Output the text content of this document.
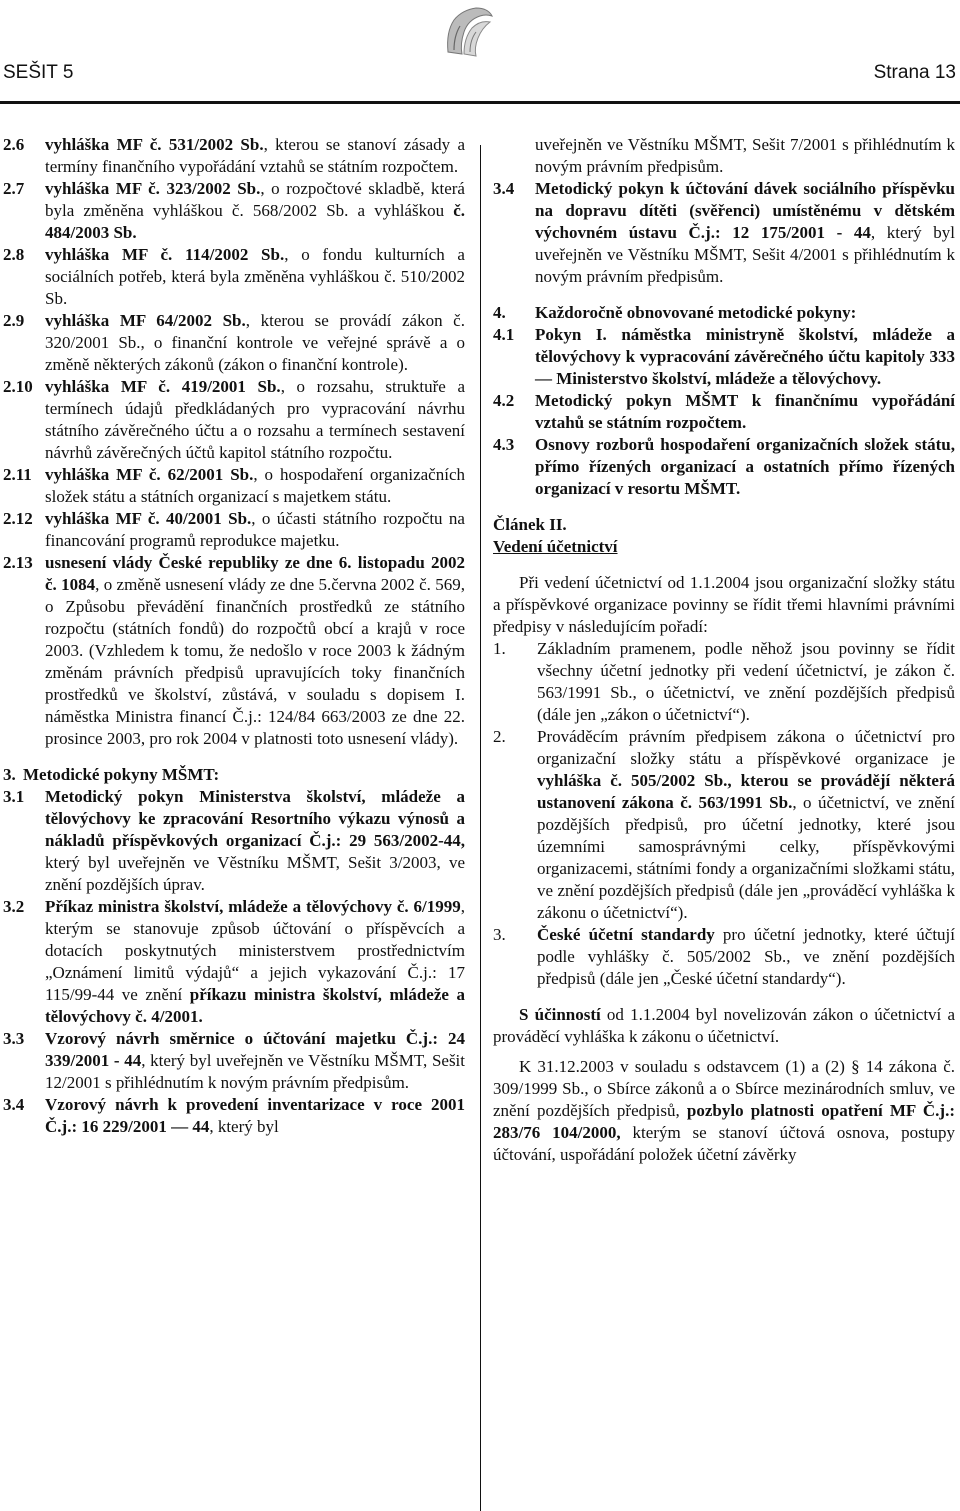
SEŠIT 5	Strana 13
2.6	vyhláška MF č. 531/2002 Sb., kterou se stanoví zásady a termíny finančního vypořádání vztahů se státním rozpočtem.
2.7	vyhláška MF č. 323/2002 Sb., o rozpočtové skladbě, která byla změněna vyhláškou č. 568/2002 Sb. a vyhláškou č. 484/2003 Sb.
2.8	vyhláška MF č. 114/2002 Sb., o fondu kulturních a sociálních potřeb, která byla změněna vyhláškou č. 510/2002 Sb.
2.9	vyhláška MF 64/2002 Sb., kterou se provádí zákon č. 320/2001 Sb., o finanční kontrole ve veřejné správě a o změně některých zákonů (zákon o finanční kontrole).
2.10 vyhláška MF č. 419/2001 Sb., o rozsahu, struktuře a termínech údajů předkládaných pro vypracování návrhu státního závěrečného účtu a o rozsahu a termínech sestavení návrhů závěrečných účtů kapitol státního rozpočtu.
2.11 vyhláška MF č. 62/2001 Sb., o hospodaření organizačních složek státu a státních organizací s majetkem státu.
2.12 vyhláška MF č. 40/2001 Sb., o účasti státního rozpočtu na financování programů reprodukce majetku.
2.13 usnesení vlády České republiky ze dne 6. listopadu 2002 č. 1084, o změně usnesení vlády ze dne 5.června 2002 č. 569, o Způsobu převádění finančních prostředků ze státního rozpočtu (státních fondů) do rozpočtů obcí a krajů v roce 2003. (Vzhledem k tomu, že nedošlo v roce 2003 k žádným změnám právních předpisů upravujících toky finančních prostředků ve školství, zůstává, v souladu s dopisem I. náměstka Ministra financí Č.j.: 124/84 663/2003 ze dne 22. prosince 2003, pro rok 2004 v platnosti toto usnesení vlády).
3. Metodické pokyny MŠMT:
3.1	Metodický pokyn Ministerstva školství, mládeže a tělovýchovy ke zpracování Resortního výkazu výnosů a nákladů příspěvkových organizací Č.j.: 29 563/2002-44, který byl uveřejněn ve Věstníku MŠMT, Sešit 3/2003, ve znění pozdějších úprav.
3.2	Příkaz ministra školství, mládeže a tělovýchovy č. 6/1999, kterým se stanovuje způsob účtování o příspěvcích a dotacích poskytnutých ministerstvem prostřednictvím „Oznámení limitů výdajů“ a jejich vykazování Č.j.: 17 115/99-44 ve znění příkazu ministra školství, mládeže a tělovýchovy č. 4/2001.
3.3	Vzorový návrh směrnice o účtování majetku Č.j.: 24 339/2001 - 44, který byl uveřejněn ve Věstníku MŠMT, Sešit 12/2001 s přihlédnutím k novým právním předpisům.
3.4	Vzorový návrh k provedení inventarizace v roce 2001 Č.j.: 16 229/2001 — 44, který byl
uveřejněn ve Věstníku MŠMT, Sešit 7/2001 s přihlédnutím k novým právním předpisům.
3.4	Metodický pokyn k účtování dávek sociálního příspěvku na dopravu dítěti (svěřenci) umístěnému v dětském výchovném ústavu Č.j.: 12 175/2001 - 44, který byl uveřejněn ve Věstníku MŠMT, Sešit 4/2001 s přihlédnutím k novým právním předpisům.
4.	Každoročně obnovované metodické pokyny:
4.1	Pokyn I. náměstka ministryně školství, mládeže a tělovýchovy k vypracování závěrečného účtu kapitoly 333 — Ministerstvo školství, mládeže a tělovýchovy.
4.2	Metodický pokyn MŠMT k finančnímu vypořádání vztahů se státním rozpočtem.
4.3	Osnovy rozborů hospodaření organizačních složek státu, přímo řízených organizací a ostatních přímo řízených organizací v resortu MŠMT.
Článek II.
Vedení účetnictví
Při vedení účetnictví od 1.1.2004 jsou organizační složky státu a příspěvkové organizace povinny se řídit třemi hlavními právními předpisy v následujícím pořadí:
1.	Základním pramenem, podle něhož jsou povinny se řídit všechny účetní jednotky při vedení účetnictví, je zákon č. 563/1991 Sb., o účetnictví, ve znění pozdějších předpisů (dále jen „zákon o účetnictví“).
2.	Prováděcím právním předpisem zákona o účetnictví pro organizační složky státu a příspěvkové organizace je vyhláška č. 505/2002 Sb., kterou se provádějí některá ustanovení zákona č. 563/1991 Sb., o účetnictví, ve znění pozdějších předpisů, pro účetní jednotky, které jsou územními samosprávnými celky, příspěvkovými organizacemi, státními fondy a organizačními složkami státu, ve znění pozdějších předpisů (dále jen „prováděcí vyhláška k zákonu o účetnictví“).
3.	České účetní standardy pro účetní jednotky, které účtují podle vyhlášky č. 505/2002 Sb., ve znění pozdějších předpisů (dále jen „České účetní standardy“).
S účinností od 1.1.2004 byl novelizován zákon o účetnictví a prováděcí vyhláška k zákonu o účetnictví.
K 31.12.2003 v souladu s odstavcem (1) a (2) § 14 zákona č. 309/1999 Sb., o Sbírce zákonů a o Sbírce mezinárodních smluv, ve znění pozdějších předpisů, pozbylo platnosti opatření MF Č.j.: 283/76 104/2000, kterým se stanoví účtová osnova, postupy účtování, uspořádání položek účetní závěrky
